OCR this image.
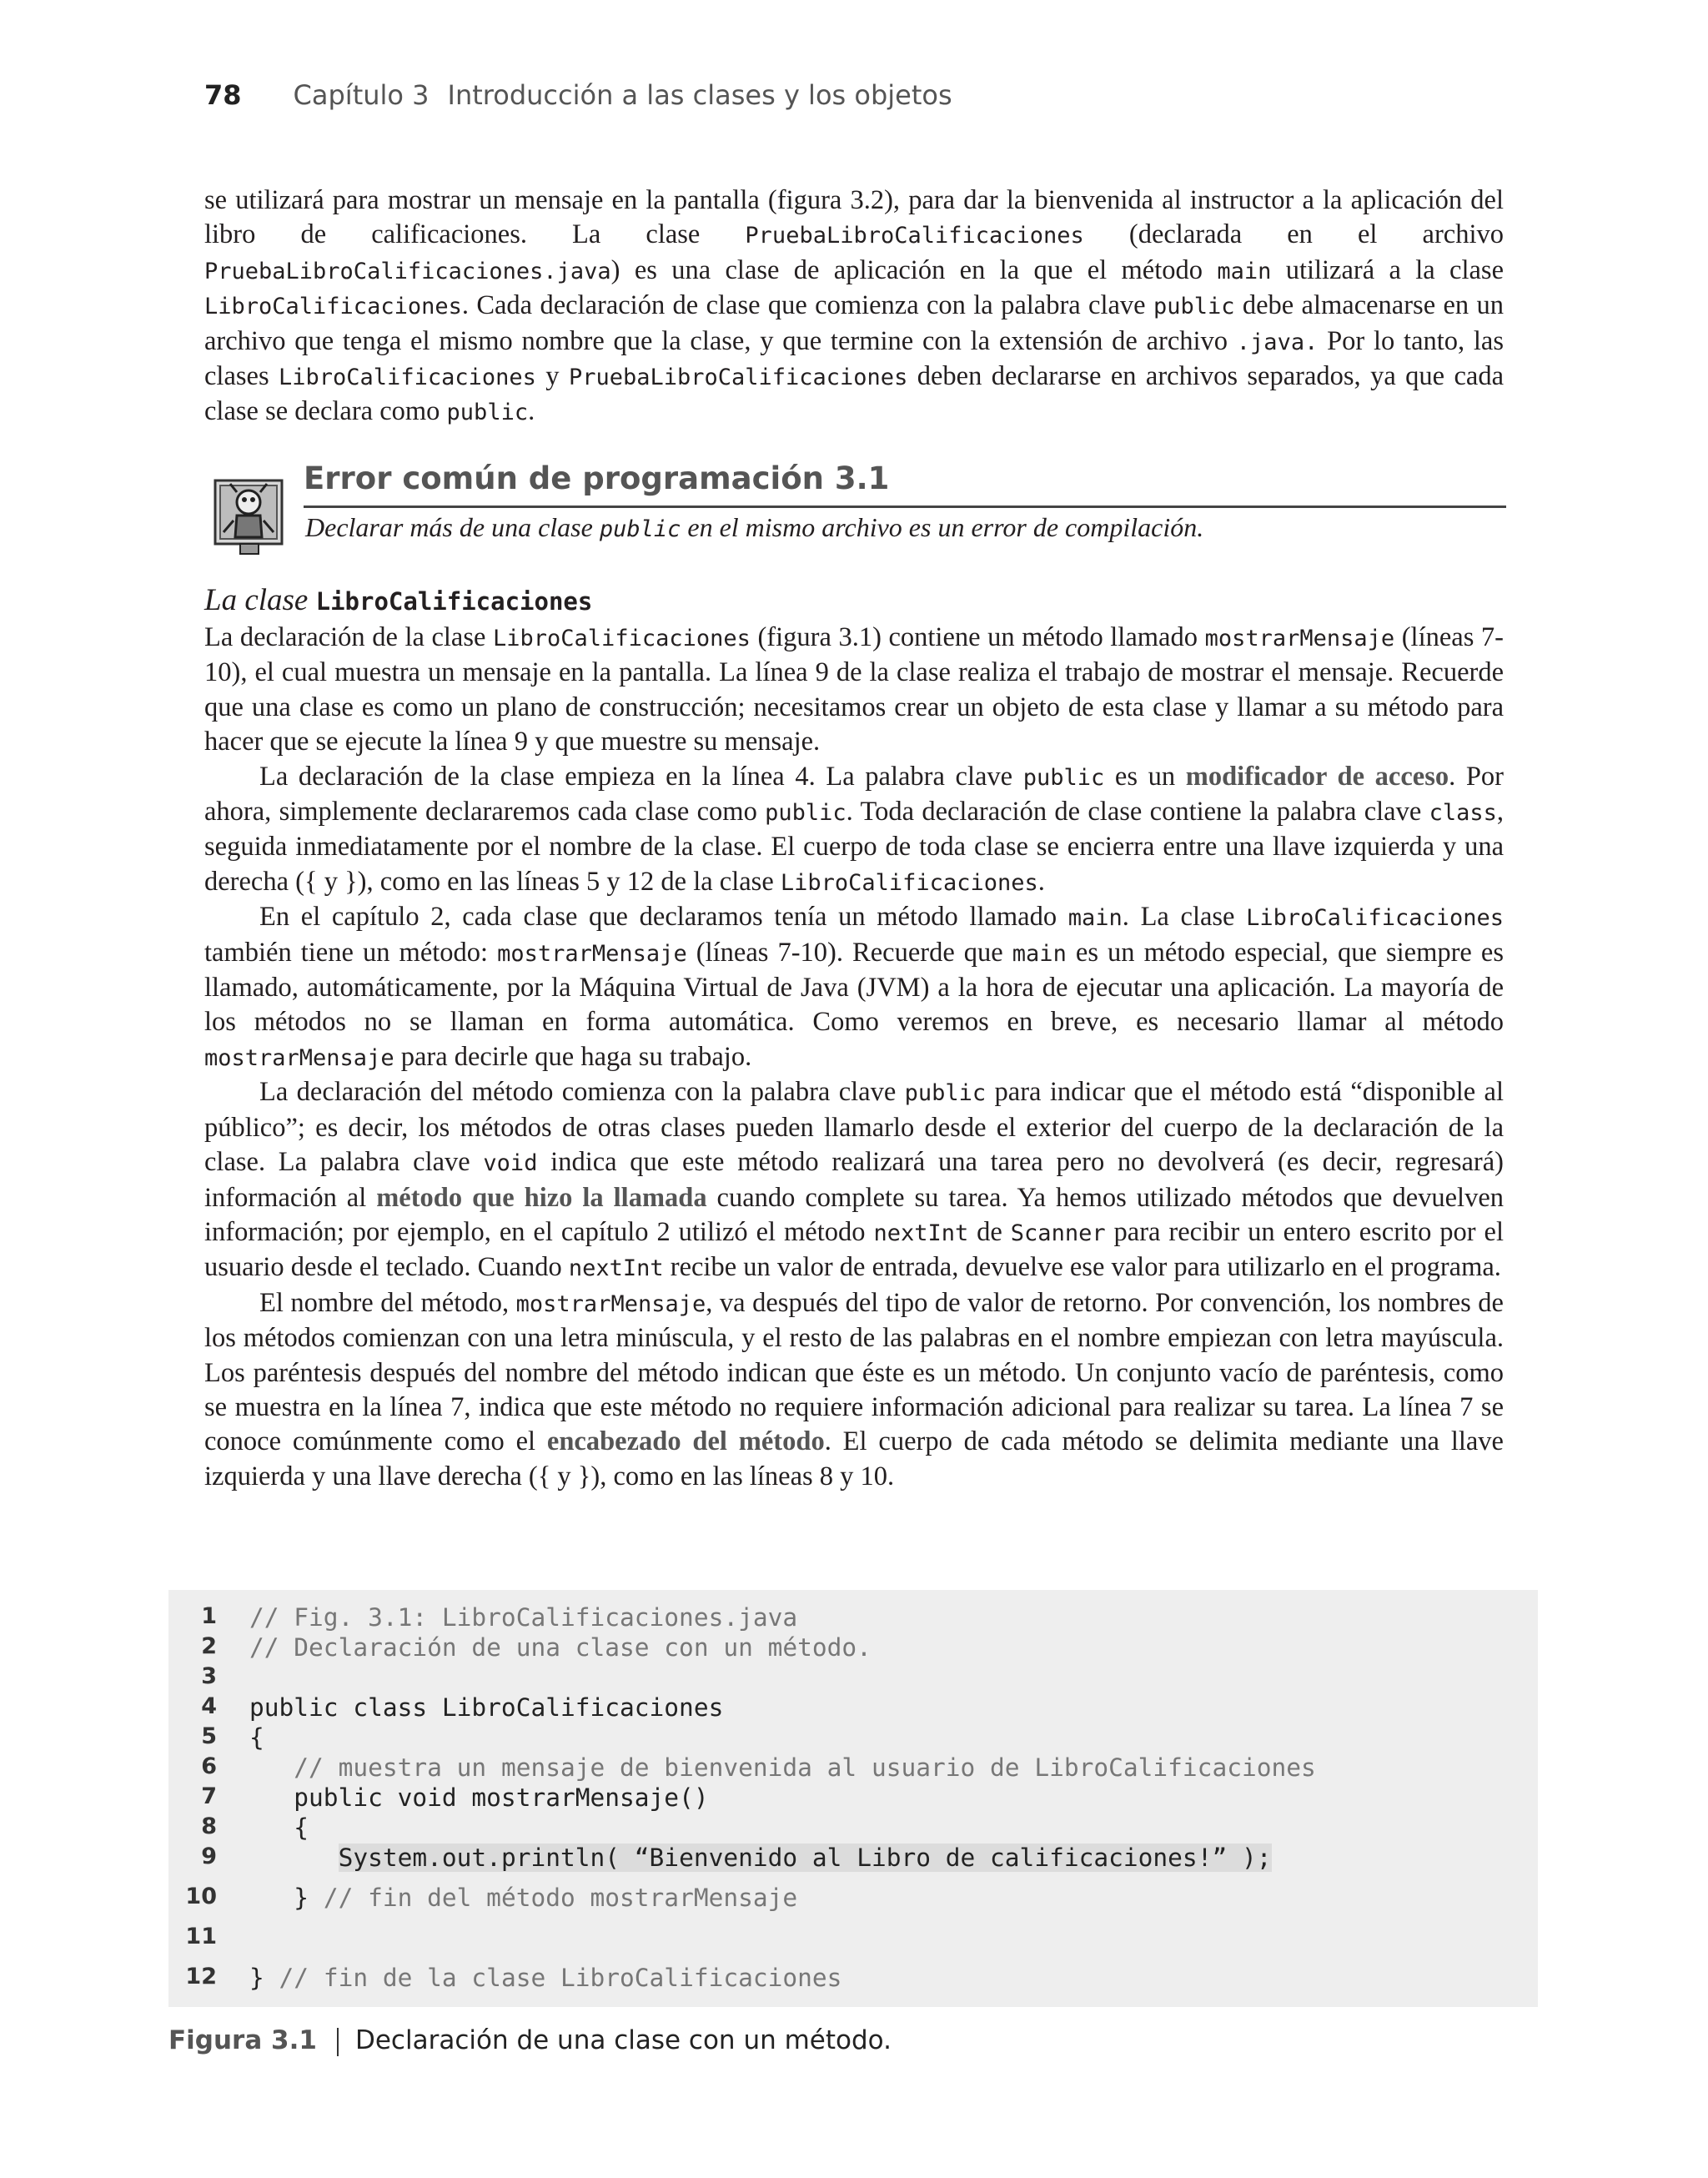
78 Capítulo 3 Introducción a las clases y los objetos

se utilizará para mostrar un mensaje en la pantalla (figura 3.2), para dar la bienvenida al instructor a la aplicación del libro de calificaciones. La clase PruebaLibroCalificaciones (declarada en el archivo PruebaLibroCalificaciones.java) es una clase de aplicación en la que el método main utilizará a la clase LibroCalificaciones. Cada declaración de clase que comienza con la palabra clave public debe almacenarse en un archivo que tenga el mismo nombre que la clase, y que termine con la extensión de archivo .java. Por lo tanto, las clases LibroCalificaciones y PruebaLibroCalificaciones deben declararse en archivos separados, ya que cada clase se declara como public.

Error común de programación 3.1
Declarar más de una clase public en el mismo archivo es un error de compilación.
La clase LibroCalificaciones

La declaración de la clase LibroCalificaciones (figura 3.1) contiene un método llamado mostrarMensaje (líneas 7-10), el cual muestra un mensaje en la pantalla. La línea 9 de la clase realiza el trabajo de mostrar el mensaje. Recuerde que una clase es como un plano de construcción; necesitamos crear un objeto de esta clase y llamar a su método para hacer que se ejecute la línea 9 y que muestre su mensaje.

La declaración de la clase empieza en la línea 4. La palabra clave public es un modificador de acceso. Por ahora, simplemente declararemos cada clase como public. Toda declaración de clase contiene la palabra clave class, seguida inmediatamente por el nombre de la clase. El cuerpo de toda clase se encierra entre una llave izquierda y una derecha ({ y }), como en las líneas 5 y 12 de la clase LibroCalificaciones.

En el capítulo 2, cada clase que declaramos tenía un método llamado main. La clase LibroCalificaciones también tiene un método: mostrarMensaje (líneas 7-10). Recuerde que main es un método especial, que siempre es llamado, automáticamente, por la Máquina Virtual de Java (JVM) a la hora de ejecutar una aplicación. La mayoría de los métodos no se llaman en forma automática. Como veremos en breve, es necesario llamar al método mostrarMensaje para decirle que haga su trabajo.

La declaración del método comienza con la palabra clave public para indicar que el método está “disponible al público”; es decir, los métodos de otras clases pueden llamarlo desde el exterior del cuerpo de la declaración de la clase. La palabra clave void indica que este método realizará una tarea pero no devolverá (es decir, regresará) información al método que hizo la llamada cuando complete su tarea. Ya hemos utilizado métodos que devuelven información; por ejemplo, en el capítulo 2 utilizó el método nextInt de Scanner para recibir un entero escrito por el usuario desde el teclado. Cuando nextInt recibe un valor de entrada, devuelve ese valor para utilizarlo en el programa.

El nombre del método, mostrarMensaje, va después del tipo de valor de retorno. Por convención, los nombres de los métodos comienzan con una letra minúscula, y el resto de las palabras en el nombre empiezan con letra mayúscula. Los paréntesis después del nombre del método indican que éste es un método. Un conjunto vacío de paréntesis, como se muestra en la línea 7, indica que este método no requiere información adicional para realizar su tarea. La línea 7 se conoce comúnmente como el encabezado del método. El cuerpo de cada método se delimita mediante una llave izquierda y una llave derecha ({ y }), como en las líneas 8 y 10.

1 // Fig. 3.1: LibroCalificaciones.java
2 // Declaración de una clase con un método.
3
4 public class LibroCalificaciones
5 {
6	// muestra un mensaje de bienvenida al usuario de LibroCalificaciones
7 public void mostrarMensaje()
8 {
9	System.out.println( “Bienvenido al Libro de calificaciones!” );
10 } // fin del método mostrarMensaje
11
12 } // fin de la clase LibroCalificaciones
Figura 3.1 Declaración de una clase con un método.
